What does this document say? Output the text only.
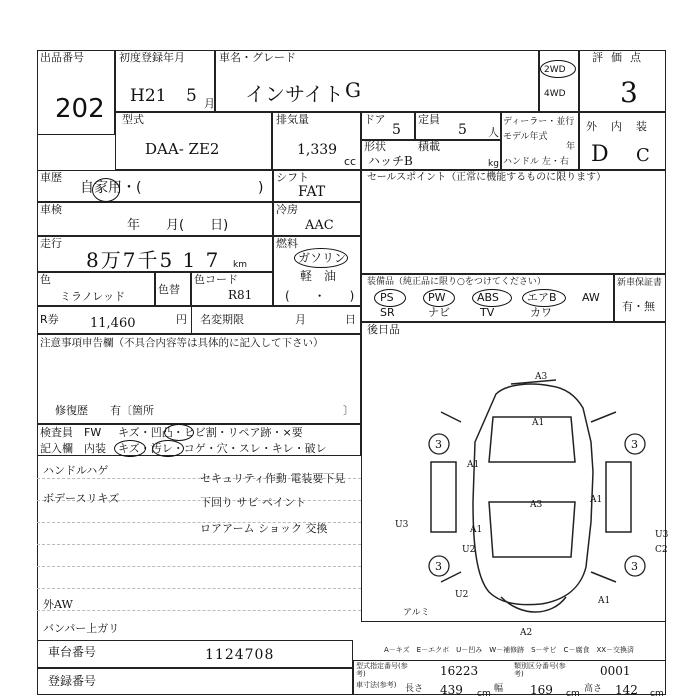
出品番号
202
初度登録年月
H21 5 月
車名・グレード
インサイト G
2WD
4WD
評価点
3
型式
DAA- ZE2
排気量
1,339
cc
ドア
5
定員
5 人
形状
ハッチB
積載
kg
ディーラー・並行
モデル年式
年
ハンドル 左・右
外 内 装
D C
車歴
自家用・(	)
シフト
FAT
車検
年　　月(　　日)
冷房
AAC
走行
8万7千5 1 7 km
燃料
ガソリン
軽　油
(　　・　　)
色
ミラノレッド
色替
色コード
R81
R券 11,460	円 名変期限	月	日
セールスポイント（正常に機能するものに限ります）
装備品（純正品に限り○をつけてください）	新車保証書
有・無
PS	PW	ABS	エアB AW
SR	ナビ	TV	カワ
後日品
注意事項申告欄（不具合内容等は具体的に記入して下さい）
修復歴　　有〔箇所	〕
検査員
記入欄
FW
内装
キズ・凹凸・ヒビ割・リペア跡・×要
キズ・汚レ・コゲ・穴・スレ・キレ・破レ
ハンドルハゲ
ボデースリキズ
外AW
バンパー上ガリ
セキュリティ作動 電装要下見
下回り サビ ペイント
ロアアーム ショック 交換
A3
A1
A1
A3	A1
A1
U3
U2
U3
C2
A1
U2
A2
3	3
3	3
アルミ
A－キズ　E－エクボ　U－凹み　W－補修跡　S－サビ　C－腐食　XX－交換済
車台番号	1124708
登録番号
型式指定番号(参考)	16223	類別区分番号(参考)	0001
車寸法(参考) 長さ 439 cm 幅 169 cm 高さ 142 cm
